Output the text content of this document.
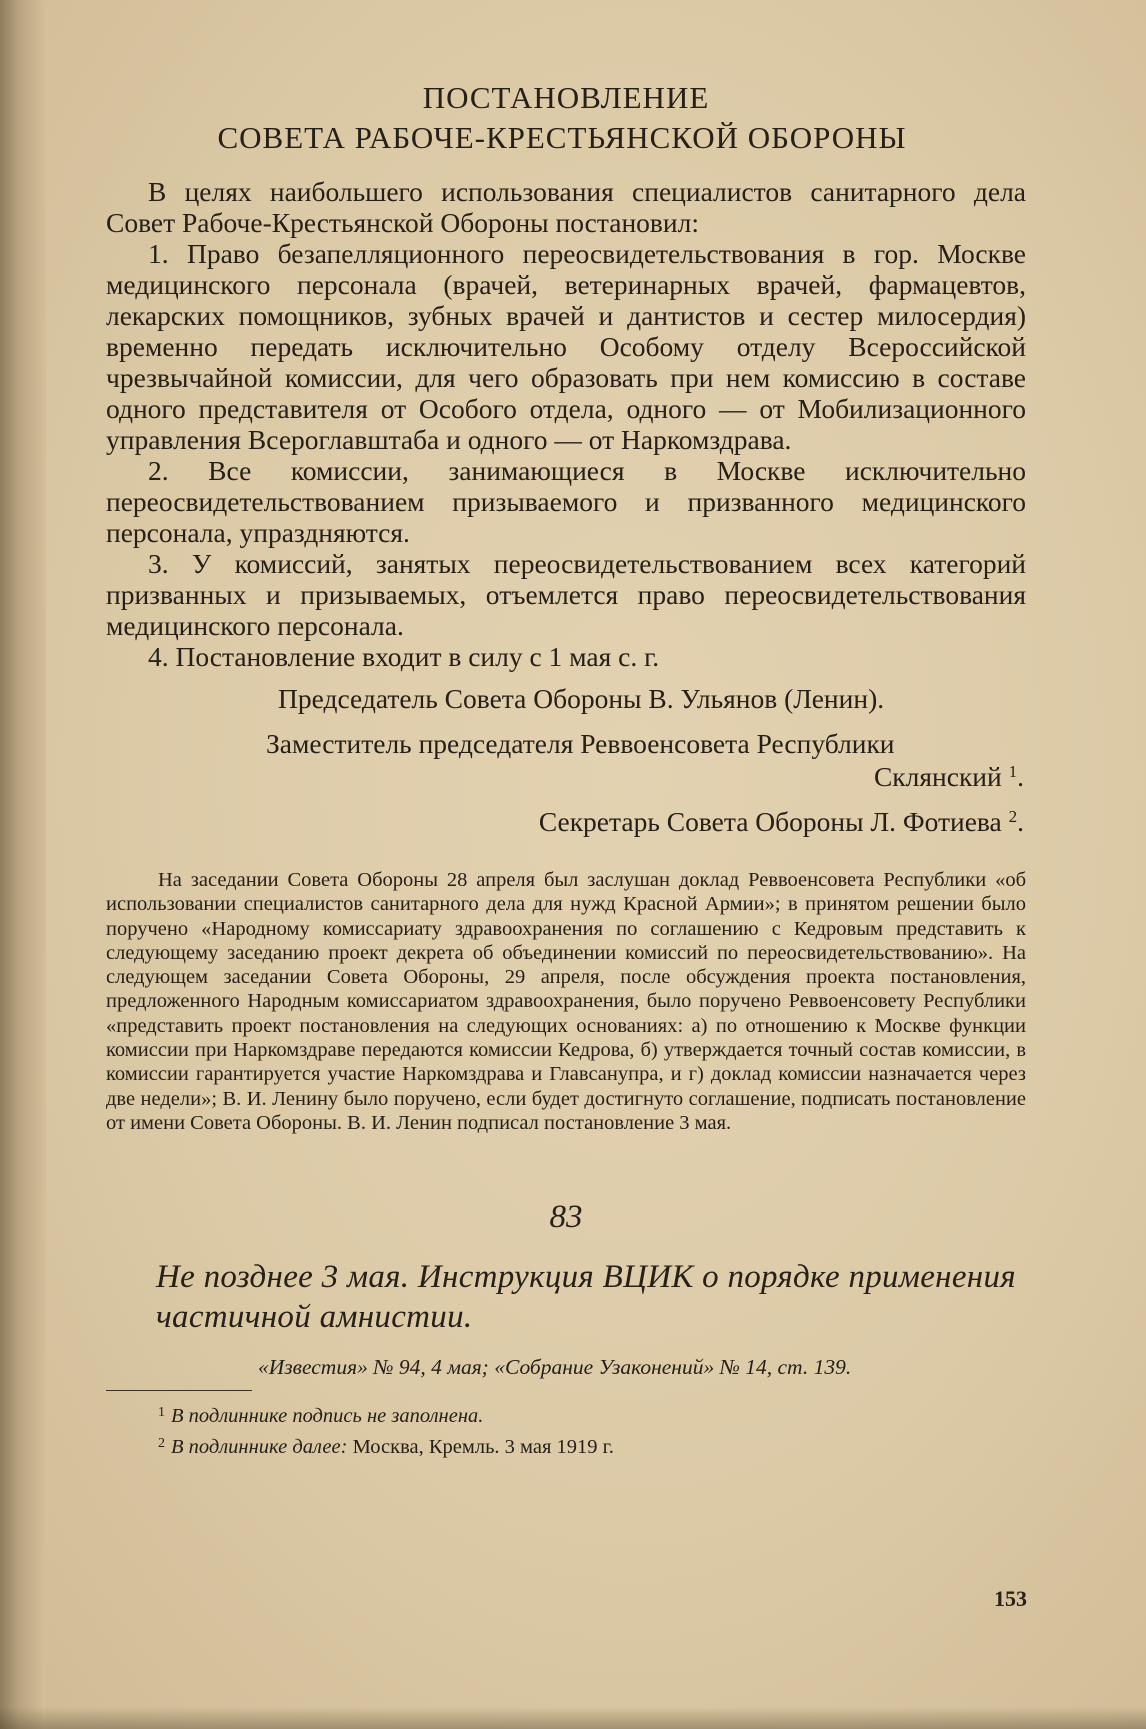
ПОСТАНОВЛЕНИЕ
СОВЕТА РАБОЧЕ-КРЕСТЬЯНСКОЙ ОБОРОНЫ

В целях наибольшего использования специалистов санитарного дела Совет Рабоче-Крестьянской Обороны постановил:

1. Право безапелляционного переосвидетельствования в гор. Москве медицинского персонала (врачей, ветеринарных врачей, фармацевтов, лекарских помощников, зубных врачей и дантистов и сестер милосердия) временно передать исключительно Особому отделу Всероссийской чрезвычайной комиссии, для чего образовать при нем комиссию в составе одного представителя от Особого отдела, одного — от Мобилизационного управления Всероглавштаба и одного — от Наркомздрава.

2. Все комиссии, занимающиеся в Москве исключительно переосвидетельствованием призываемого и призванного медицинского персонала, упраздняются.

3. У комиссий, занятых переосвидетельствованием всех категорий призванных и призываемых, отъемлется право переосвидетельствования медицинского персонала.

4. Постановление входит в силу с 1 мая с. г.

Председатель Совета Обороны В. Ульянов (Ленин).
Заместитель председателя Реввоенсовета Республики
Склянский $^1$.
Секретарь Совета Обороны Л. Фотиева $^2$.
На заседании Совета Обороны 28 апреля был заслушан доклад Реввоенсовета Республики «об использовании специалистов санитарного дела для нужд Красной Армии»; в принятом решении было поручено «Народному комиссариату здравоохранения по соглашению с Кедровым представить к следующему заседанию проект декрета об объединении комиссий по переосвидетельствованию». На следующем заседании Совета Обороны, 29 апреля, после обсуждения проекта постановления, предложенного Народным комиссариатом здравоохранения, было поручено Реввоенсовету Республики «представить проект постановления на следующих основаниях: а) по отношению к Москве функции комиссии при Наркомздраве передаются комиссии Кедрова, б) утверждается точный состав комиссии, в комиссии гарантируется участие Наркомздрава и Главсанупра, и г) доклад комиссии назначается через две недели»; В. И. Ленину было поручено, если будет достигнуто соглашение, подписать постановление от имени Совета Обороны. В. И. Ленин подписал постановление 3 мая.
83
Не позднее 3 мая. Инструкция ВЦИК о порядке применения частичной амнистии.
«Известия» № 94, 4 мая; «Собрание Узаконений» № 14, ст. 139.
$^1$ В подлиннике подпись не заполнена.
$^2$ В подлиннике далее: Москва, Кремль. 3 мая 1919 г.
153
